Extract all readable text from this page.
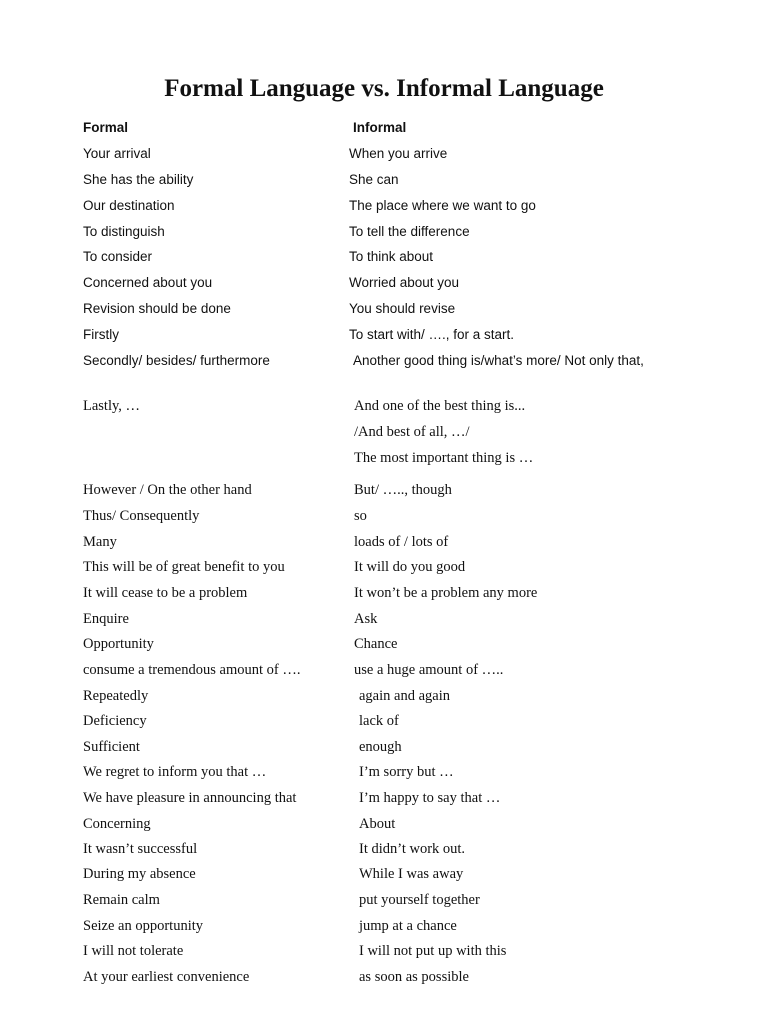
Formal Language vs. Informal Language
Formal	Informal
Your arrival	When you arrive
She has the ability	She can
Our destination	The place where we want to go
To distinguish	To tell the difference
To consider	To think about
Concerned about you	Worried about you
Revision should be done	You should revise
Firstly	To start with/ …., for a start.
Secondly/ besides/ furthermore	Another good thing is/what’s more/ Not only that,
Lastly, …	And one of the best thing is...
/And best of all, …/
The most important thing is …
However / On the other hand	But/ ….., though
Thus/ Consequently	so
Many	loads of / lots of
This will be of great benefit to you	It will do you good
It will cease to be a problem	It won’t be a problem any more
Enquire	Ask
Opportunity	Chance
consume a tremendous amount of ….	use a huge amount of …..
Repeatedly	again and again
Deficiency	lack of
Sufficient	enough
We regret to inform you that …	I’m sorry but …
We have pleasure in announcing that	I’m happy to say that …
Concerning	About
It wasn’t successful	It didn’t work out.
During my absence	While I was away
Remain calm	put yourself together
Seize an opportunity	jump at a chance
I will not tolerate	I will not put up with this
At your earliest convenience	as soon as possible
